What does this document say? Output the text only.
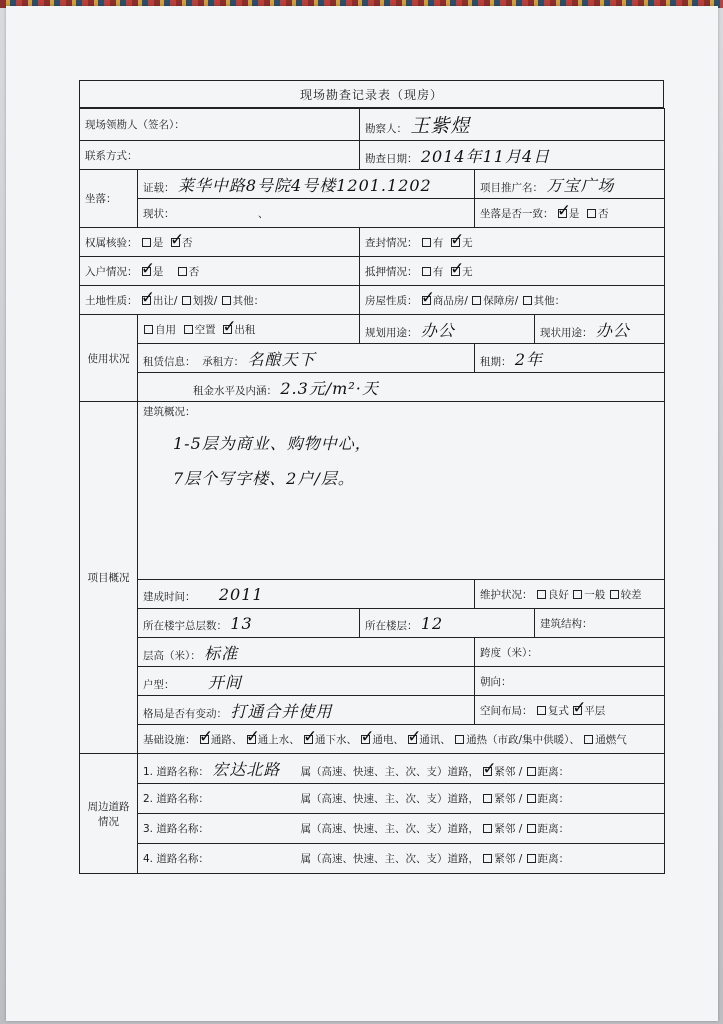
现场勘查记录表（现房）
现场领勘人（签名）：		勘察人： 王紫煜		
联系方式：		勘查日期： 2014年11月4日		
坐落：	证载： 莱华中路8号院4号楼1201.1202		项目推广名： 万宝广场	
	现状： 、		坐落是否一致： ✓ 是 否
权属核验： 是 ✓ 否		查封情况： 有 ✓ 无
入户情况： ✓ 是 否		抵押情况： 有 ✓ 无
土地性质： ✓ 出让/ 划拨/ 其他：		房屋性质： ✓ 商品房/ 保障房/ 其他：
使用状况	自用 空置 ✓ 出租	规划用途： 办公		现状用途： 办公
	租赁信息： 承租方： 名酿天下		租期： 2年	
	租金水平及内涵： 2.3元/m²·天			
项目概况	建筑概况：
1-5层为商业、购物中心，
7层个写字楼、2户/层。			

	建成时间： 2011		维护状况： 良好 一般 较差	
	所在楼宇总层数： 13	所在楼层： 12		建筑结构：
	层高（米）： 标准		跨度（米）：	
	户型： 开间		朝向：	
	格局是否有变动： 打通合并使用		空间布局： 复式 ✓ 平层
	基础设施： ✓ 通路、 ✓通上水、 ✓通下水、 ✓通电、 ✓通讯、 通热（市政/集中供暖）、 通燃气
周边道路情况	1. 道路名称： 宏达北路 属（高速、快速、主、次、支）道路， ✓ 紧邻 / 距离：
	2. 道路名称： 属（高速、快速、主、次、支）道路， 紧邻 / 距离：			
	3. 道路名称： 属（高速、快速、主、次、支）道路， 紧邻 / 距离：			
	4. 道路名称： 属（高速、快速、主、次、支）道路， 紧邻 / 距离：			
